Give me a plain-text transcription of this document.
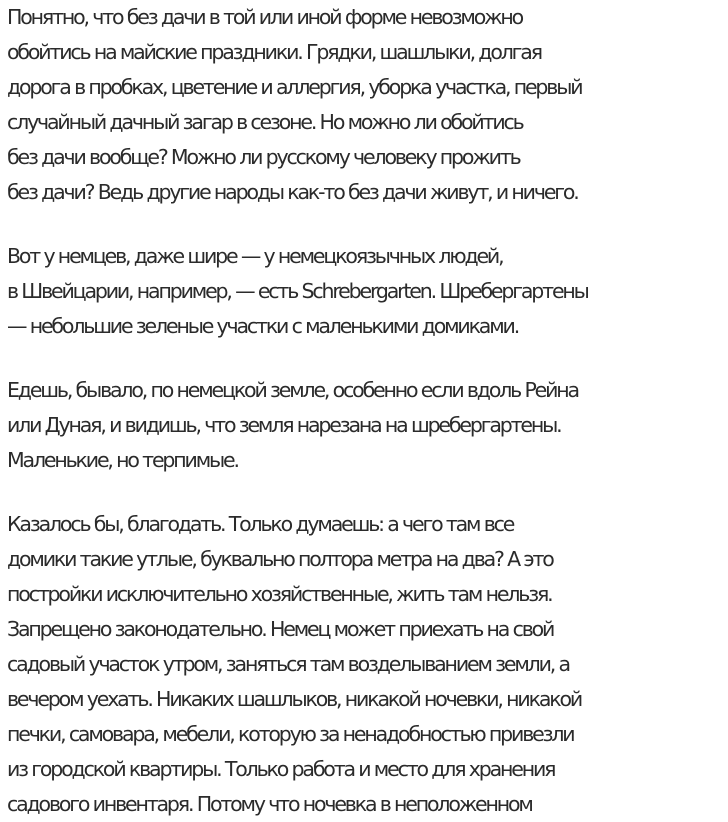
Понятно, что без дачи в той или иной форме невозможно

обойтись на майские праздники. Грядки, шашлыки, долгая

дорога в пробках, цветение и аллергия, уборка участка, первый

случайный дачный загар в сезоне. Но можно ли обойтись

без дачи вообще? Можно ли русскому человеку прожить

без дачи? Ведь другие народы как-то без дачи живут, и ничего.

Вот у немцев, даже шире — у немецкоязычных людей,

в Швейцарии, например, — есть Schrebergarten. Шребергартены

— небольшие зеленые участки с маленькими домиками.

Едешь, бывало, по немецкой земле, особенно если вдоль Рейна

или Дуная, и видишь, что земля нарезана на шребергартены.

Маленькие, но терпимые.

Казалось бы, благодать. Только думаешь: а чего там все

домики такие утлые, буквально полтора метра на два? А это

постройки исключительно хозяйственные, жить там нельзя.

Запрещено законодательно. Немец может приехать на свой

садовый участок утром, заняться там возделыванием земли, а

вечером уехать. Никаких шашлыков, никакой ночевки, никакой

печки, самовара, мебели, которую за ненадобностью привезли

из городской квартиры. Только работа и место для хранения

садового инвентаря. Потому что ночевка в неположенном
